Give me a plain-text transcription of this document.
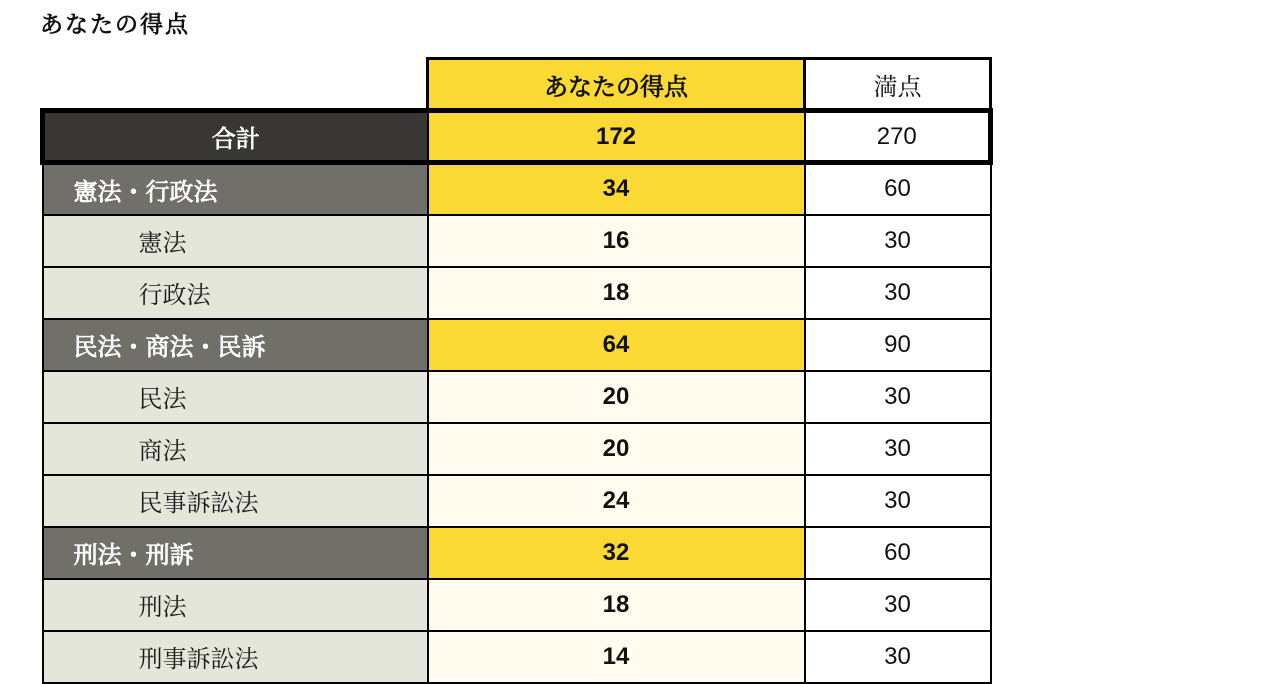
あなたの得点
	あなたの得点	満点
合計	172	270
憲法・行政法	34	60
憲法	16	30
行政法	18	30
民法・商法・民訴	64	90
民法	20	30
商法	20	30
民事訴訟法	24	30
刑法・刑訴	32	60
刑法	18	30
刑事訴訟法	14	30
